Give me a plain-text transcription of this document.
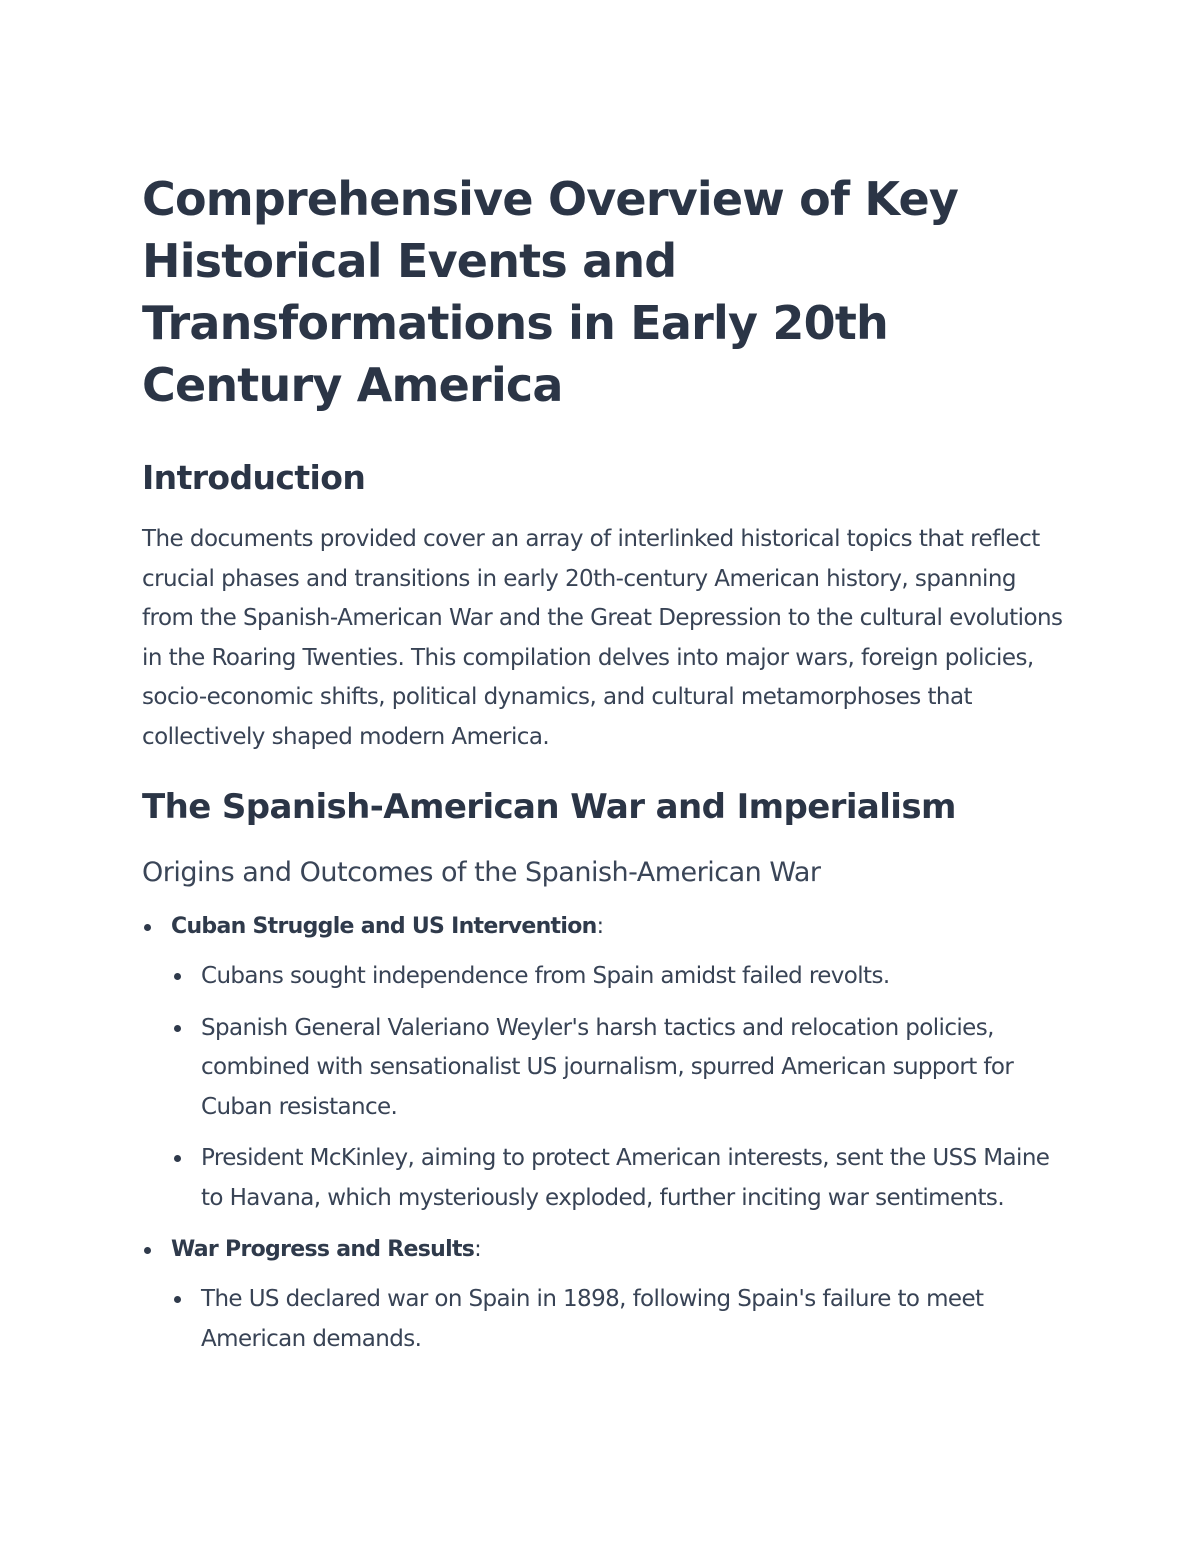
Comprehensive Overview of Key Historical Events and Transformations in Early 20th Century America
Introduction

The documents provided cover an array of interlinked historical topics that reflect crucial phases and transitions in early 20th-century American history, spanning from the Spanish-American War and the Great Depression to the cultural evolutions in the Roaring Twenties. This compilation delves into major wars, foreign policies, socio-economic shifts, political dynamics, and cultural metamorphoses that collectively shaped modern America.

The Spanish-American War and Imperialism
Origins and Outcomes of the Spanish-American War
Cuban Struggle and US Intervention:
Cubans sought independence from Spain amidst failed revolts.
Spanish General Valeriano Weyler's harsh tactics and relocation policies, combined with sensationalist US journalism, spurred American support for Cuban resistance.
President McKinley, aiming to protect American interests, sent the USS Maine to Havana, which mysteriously exploded, further inciting war sentiments.
War Progress and Results:
The US declared war on Spain in 1898, following Spain's failure to meet American demands.
